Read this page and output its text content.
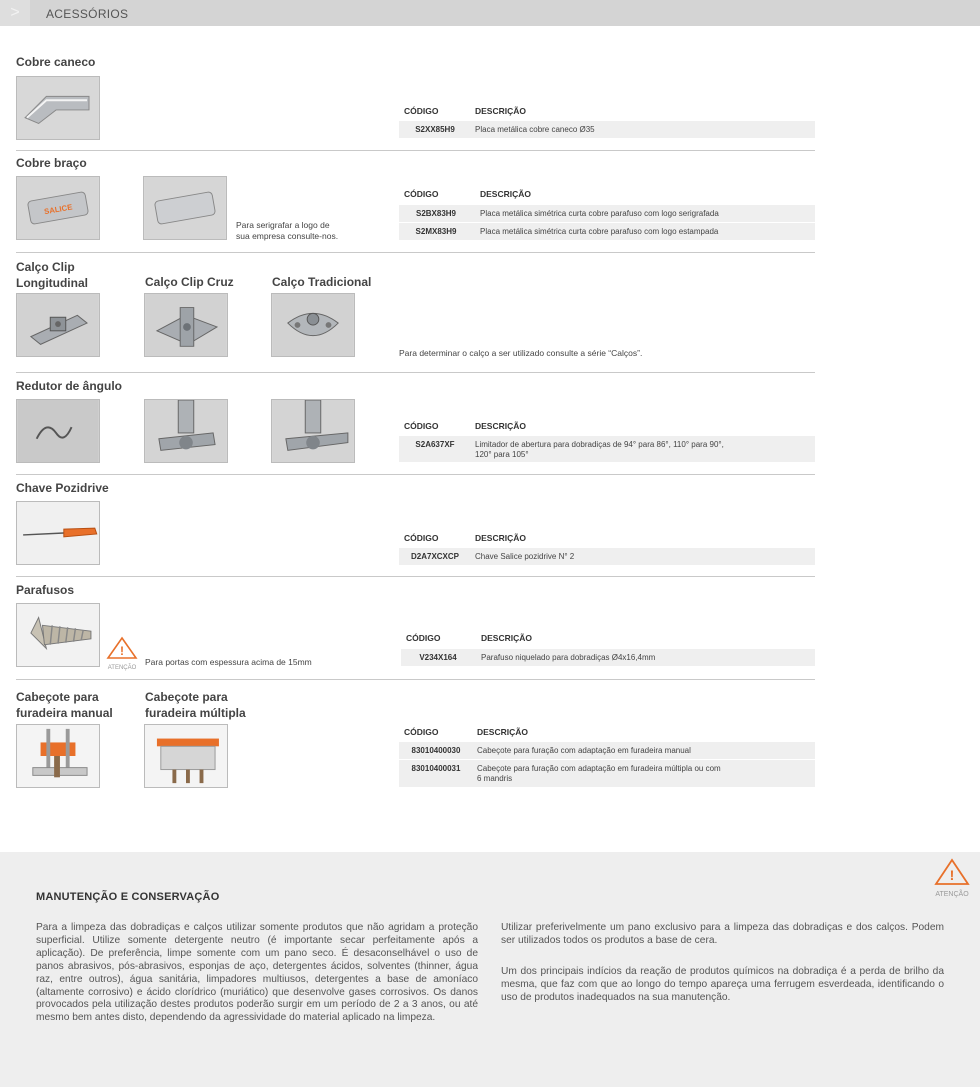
>	ACESSÓRIOS
Cobre caneco
CÓDIGO	DESCRIÇÃO
S2XX85H9	Placa metálica cobre caneco Ø35
Cobre braço
SALICE
Para serigrafar a logo de
sua empresa consulte-nos.
CÓDIGO	DESCRIÇÃO
S2BX83H9	Placa metálica simétrica curta cobre parafuso com logo serigrafada
S2MX83H9	Placa metálica simétrica curta cobre parafuso com logo estampada
Calço Clip
Longitudinal	Calço Clip Cruz	Calço Tradicional
Para determinar o calço a ser utilizado consulte a série “Calços”.
Redutor de ângulo
CÓDIGO	DESCRIÇÃO
S2A637XF	Limitador de abertura para dobradiças de 94° para 86°, 110° para 90°,
120° para 105°
Chave Pozidrive
CÓDIGO	DESCRIÇÃO
D2A7XCXCP	Chave Salice pozidrive N° 2
Parafusos
!
ATENÇÃO
Para portas com espessura acima de 15mm
CÓDIGO	DESCRIÇÃO
V234X164	Parafuso niquelado para dobradiças Ø4x16,4mm
Cabeçote para
furadeira manual
Cabeçote para
furadeira múltipla
CÓDIGO	DESCRIÇÃO
83010400030	Cabeçote para furação com adaptação em furadeira manual
83010400031	Cabeçote para furação com adaptação em furadeira múltipla ou com
6 mandris
!
ATENÇÃO
MANUTENÇÃO E CONSERVAÇÃO
Para a limpeza das dobradiças e calços utilizar somente produtos que não agridam a proteção superficial. Utilize somente detergente neutro (é importante secar perfeitamente após a aplicação). De preferência, limpe somente com um pano seco. É desaconselhável o uso de panos abrasivos, pós-abrasivos, esponjas de aço, detergentes ácidos, solventes (thinner, água raz, entre outros), água sanitária, limpadores multiusos, detergentes a base de amoníaco (altamente corrosivo) e ácido clorídrico (muriático) que desenvolve gases corrosivos. Os danos provocados pela utilização destes produtos poderão surgir em um período de 2 a 3 anos, ou até mesmo bem antes disto, dependendo da agressividade do material aplicado na limpeza.
Utilizar preferivelmente um pano exclusivo para a limpeza das dobradiças e dos calços. Podem ser utilizados todos os produtos a base de cera.
Um dos principais indícios da reação de produtos químicos na dobradiça é a perda de brilho da mesma, que faz com que ao longo do tempo apareça uma ferrugem esverdeada, identificando o uso de produtos inadequados na sua manutenção.
